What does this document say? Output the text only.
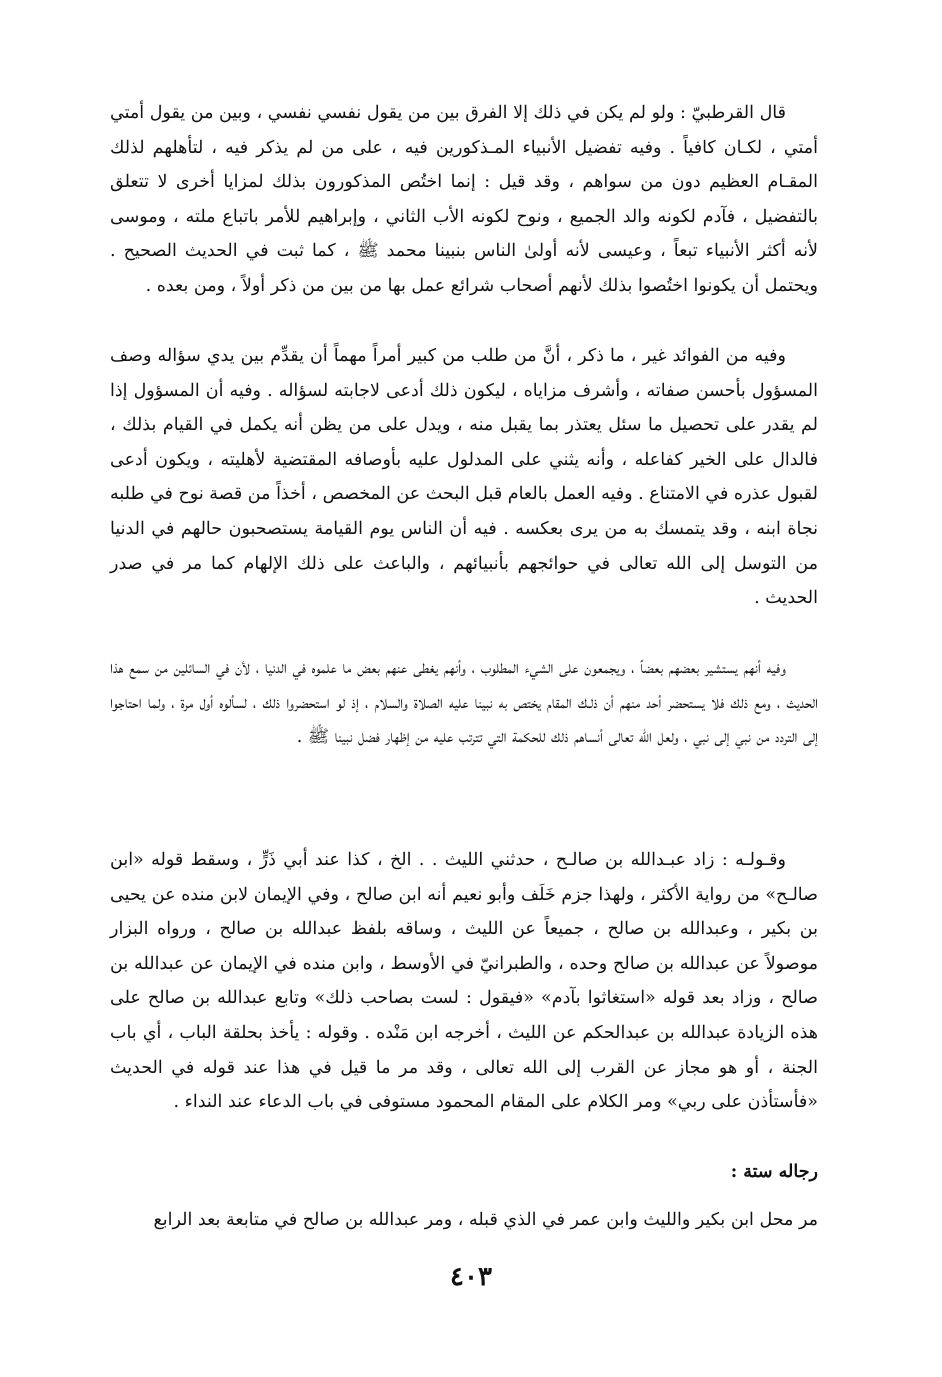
قال القرطبيّ : ولو لم يكن في ذلك إلا الفرق بين من يقول نفسي نفسي ، وبين من يقول أمتي أمتي ، لكـان كافياً . وفيه تفضيل الأنبياء المـذكورين فيه ، على من لم يذكر فيه ، لتأهلهم لذلك المقـام العظيم دون من سواهم ، وقد قيل : إنما اختُص المذكورون بذلك لمزايا أخرى لا تتعلق بالتفضيل ، فآدم لكونه والد الجميع ، ونوح لكونه الأب الثاني ، وإبراهيم للأمر باتباع ملته ، وموسى لأنه أكثر الأنبياء تبعاً ، وعيسى لأنه أولىٰ الناس بنبينا محمد ﷺ ، كما ثبت في الحديث الصحيح . ويحتمل أن يكونوا اختُصوا بذلك لأنهم أصحاب شرائع عمل بها من بين من ذكر أولاً ، ومن بعده .

وفيه من الفوائد غير ، ما ذكر ، أنَّ من طلب من كبير أمراً مهماً أن يقدِّم بين يدي سؤاله وصف المسؤول بأحسن صفاته ، وأشرف مزاياه ، ليكون ذلك أدعى لاجابته لسؤاله . وفيه أن المسؤول إذا لم يقدر على تحصيل ما سئل يعتذر بما يقبل منه ، ويدل على من يظن أنه يكمل في القيام بذلك ، فالدال على الخير كفاعله ، وأنه يثني على المدلول عليه بأوصافه المقتضية لأهليته ، ويكون أدعى لقبول عذره في الامتناع . وفيه العمل بالعام قبل البحث عن المخصص ، أخذاً من قصة نوح في طلبه نجاة ابنه ، وقد يتمسك به من يرى بعكسه . فيه أن الناس يوم القيامة يستصحبون حالهم في الدنيا من التوسل إلى الله تعالى في حوائجهم بأنبيائهم ، والباعث على ذلك الإلهام كما مر في صدر الحديث .

وفيه أنهم يستشير بعضهم بعضاً ، ويجمعون على الشيء المطلوب ، وأنهم يغطى عنهم بعض ما علموه في الدنيا ، لأن في السائلين من سمع هذا الحديث ، ومع ذلك فلا يستحضر أحد منهم أن ذلـك المقام يختص به نبينا عليه الصلاة والسلام ، إذ لو استحضروا ذلك ، لسألوه أول مرة ، ولما احتاجوا إلى التردد من نبي إلى نبي ، ولعل الله تعالى أنساهم ذلك للحكمة التي تترتب عليه من إظهار فضل نبينا ﷺ .

وقـولـه : زاد عبـدالله بن صالـح ، حدثني الليث . . الخ ، كذا عند أبي ذَرٍّ ، وسقط قوله «ابن صالـح» من رواية الأكثر ، ولهذا جزم خَلَف وأبو نعيم أنه ابن صالح ، وفي الإيمان لابن منده عن يحيى بن بكير ، وعبدالله بن صالح ، جميعاً عن الليث ، وساقه بلفظ عبدالله بن صالح ، ورواه البزار موصولاً عن عبدالله بن صالح وحده ، والطبرانيّ في الأوسط ، وابن منده في الإيمان عن عبدالله بن صالح ، وزاد بعد قوله «استغاثوا بآدم» «فيقول : لست بصاحب ذلك» وتابع عبدالله بن صالح على هذه الزيادة عبدالله بن عبدالحكم عن الليث ، أخرجه ابن مَنْده . وقوله : يأخذ بحلقة الباب ، أي باب الجنة ، أو هو مجاز عن القرب إلى الله تعالى ، وقد مر ما قيل في هذا عند قوله في الحديث «فأستأذن على ربي» ومر الكلام على المقام المحمود مستوفى في باب الدعاء عند النداء .

رجاله ستة :

مر محل ابن بكير والليث وابن عمر في الذي قبله ، ومر عبدالله بن صالح في متابعة بعد الرابع

٤٠٣
